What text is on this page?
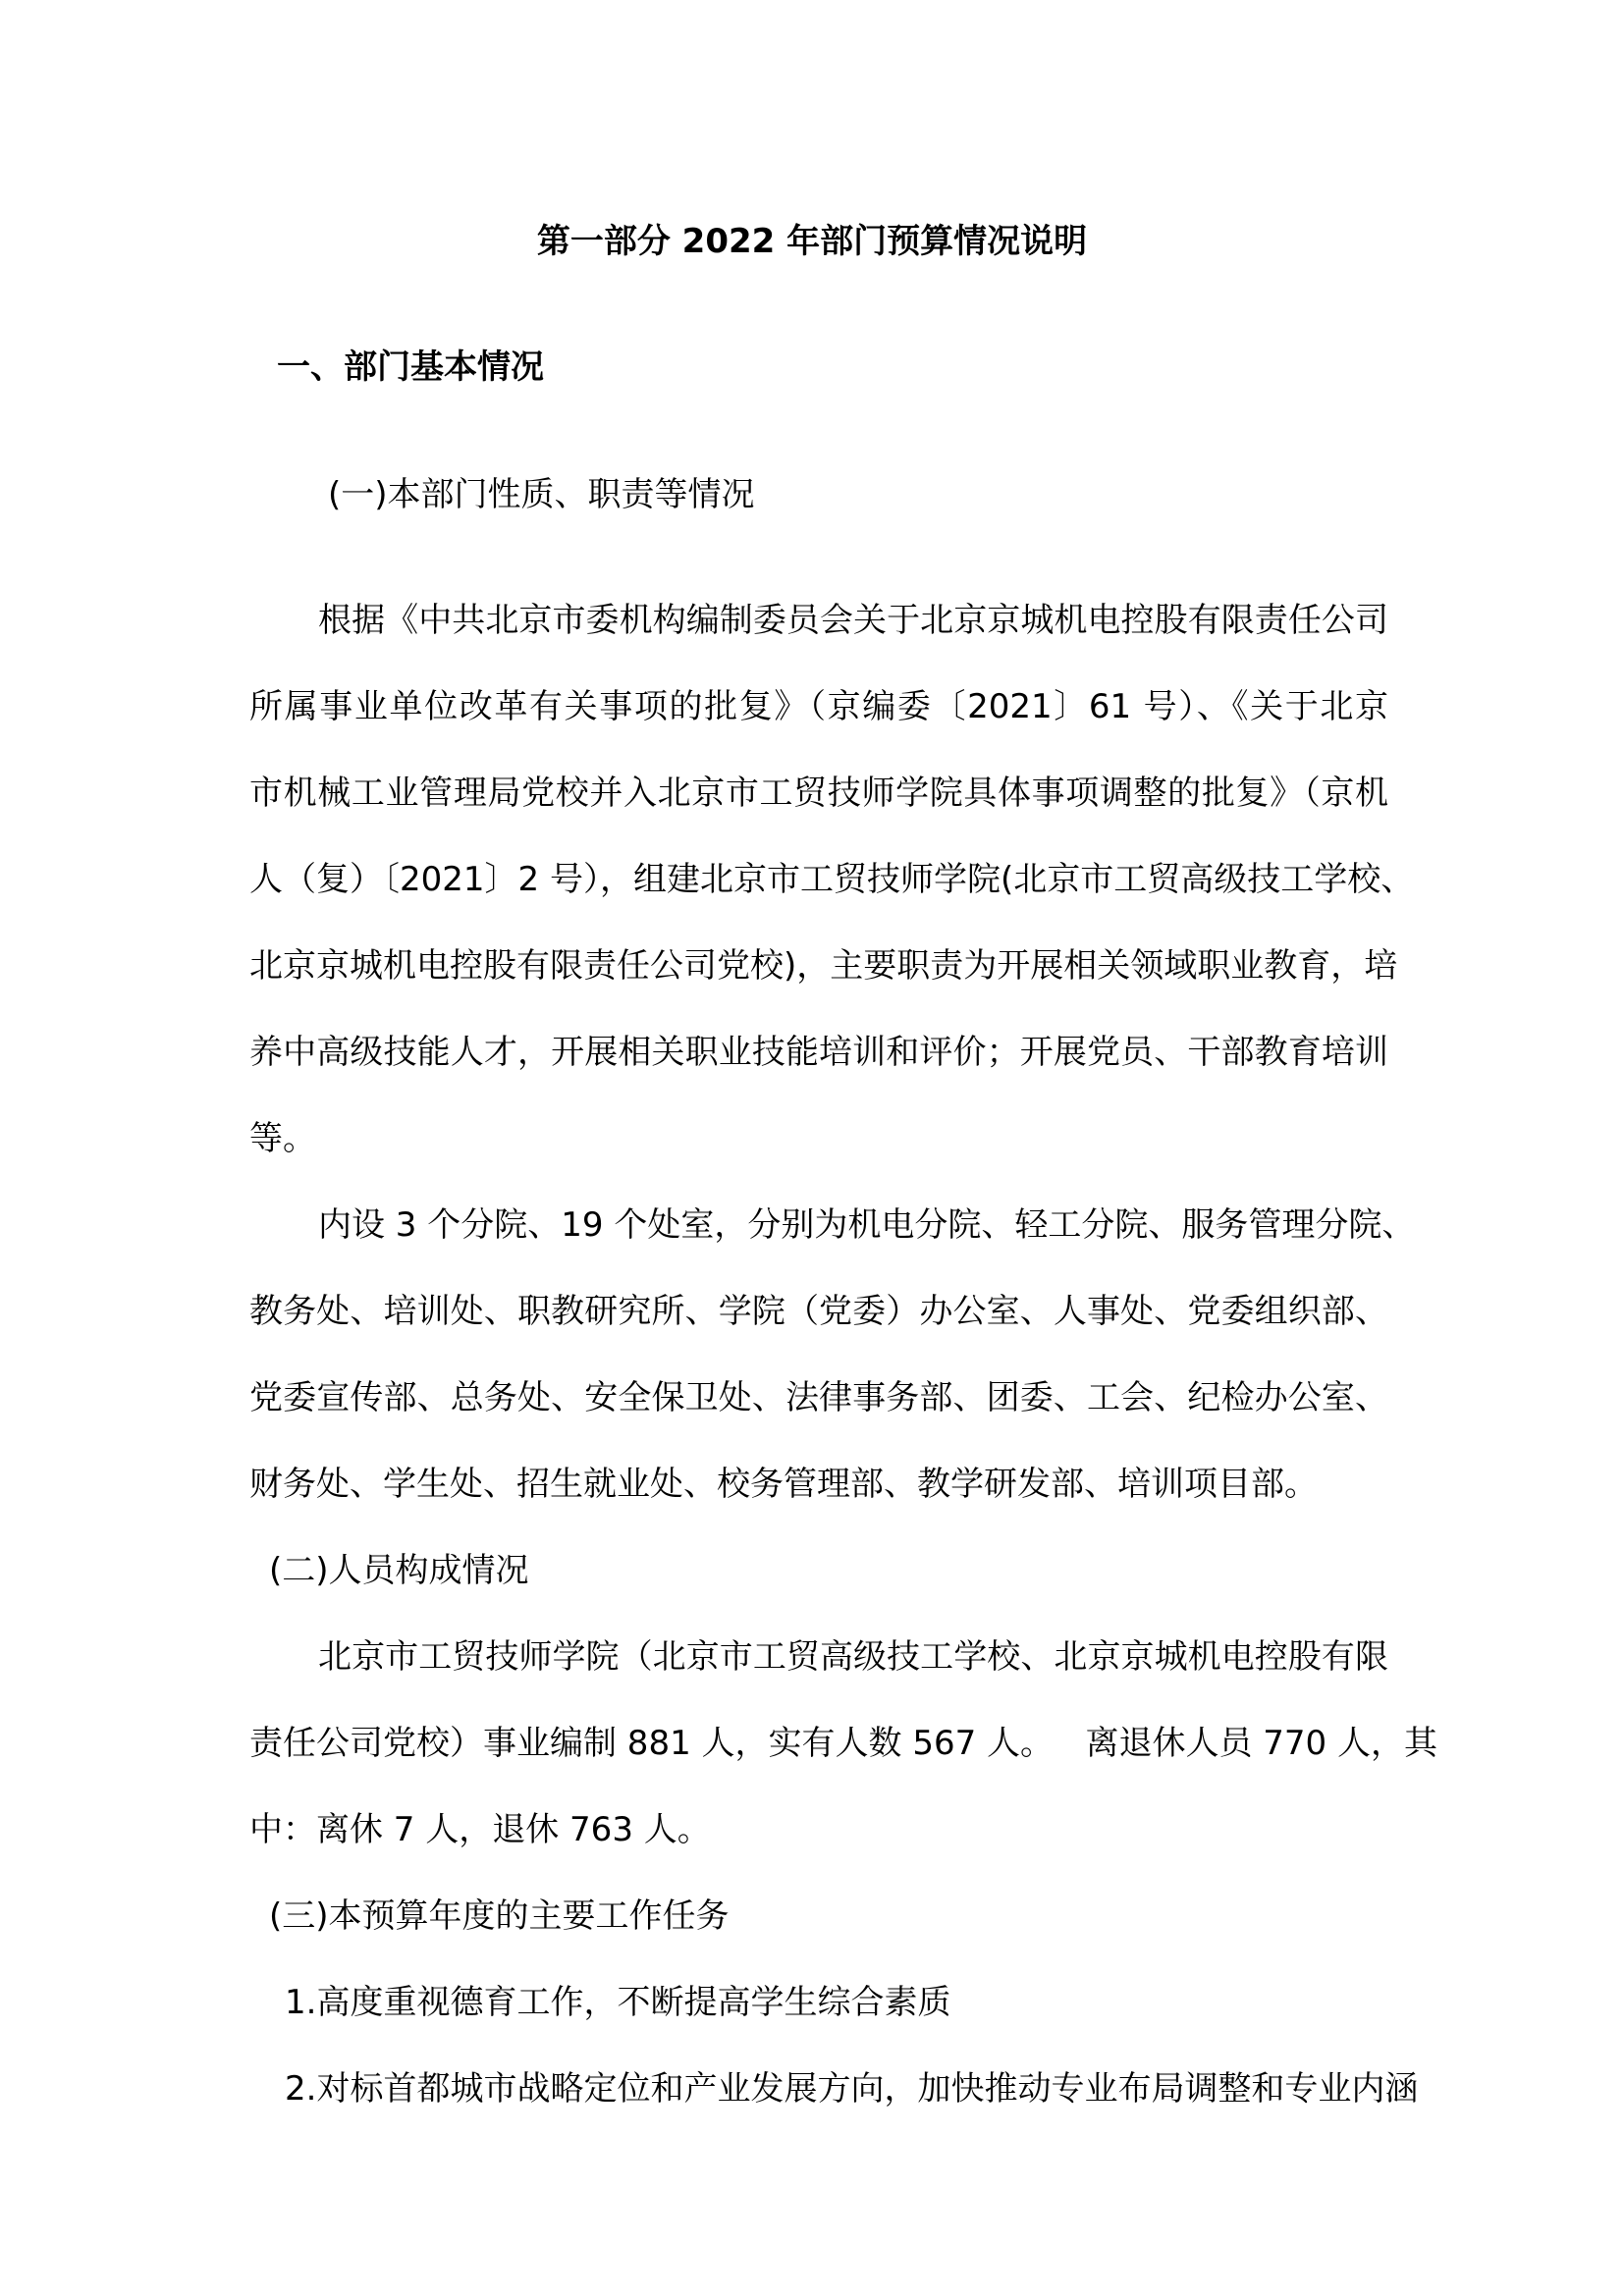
第一部分 2022 年部门预算情况说明
一、部门基本情况
(一)本部门性质、职责等情况
根据《中共北京市委机构编制委员会关于北京京城机电控股有限责任公司
所属事业单位改革有关事项的批复》（京编委〔2021〕61 号）、《关于北京
市机械工业管理局党校并入北京市工贸技师学院具体事项调整的批复》（京机
人（复）〔2021〕2 号），组建北京市工贸技师学院(北京市工贸高级技工学校、
北京京城机电控股有限责任公司党校)，主要职责为开展相关领域职业教育，培
养中高级技能人才，开展相关职业技能培训和评价；开展党员、干部教育培训
等。
内设 3 个分院、19 个处室，分别为机电分院、轻工分院、服务管理分院、
教务处、培训处、职教研究所、学院（党委）办公室、人事处、党委组织部、
党委宣传部、总务处、安全保卫处、法律事务部、团委、工会、纪检办公室、
财务处、学生处、招生就业处、校务管理部、教学研发部、培训项目部。
(二)人员构成情况
北京市工贸技师学院（北京市工贸高级技工学校、北京京城机电控股有限
责任公司党校）事业编制 881 人，实有人数 567 人。   离退休人员 770 人，其
中：离休 7 人，退休 763 人。
(三)本预算年度的主要工作任务
1.高度重视德育工作，不断提高学生综合素质
2.对标首都城市战略定位和产业发展方向，加快推动专业布局调整和专业内涵
